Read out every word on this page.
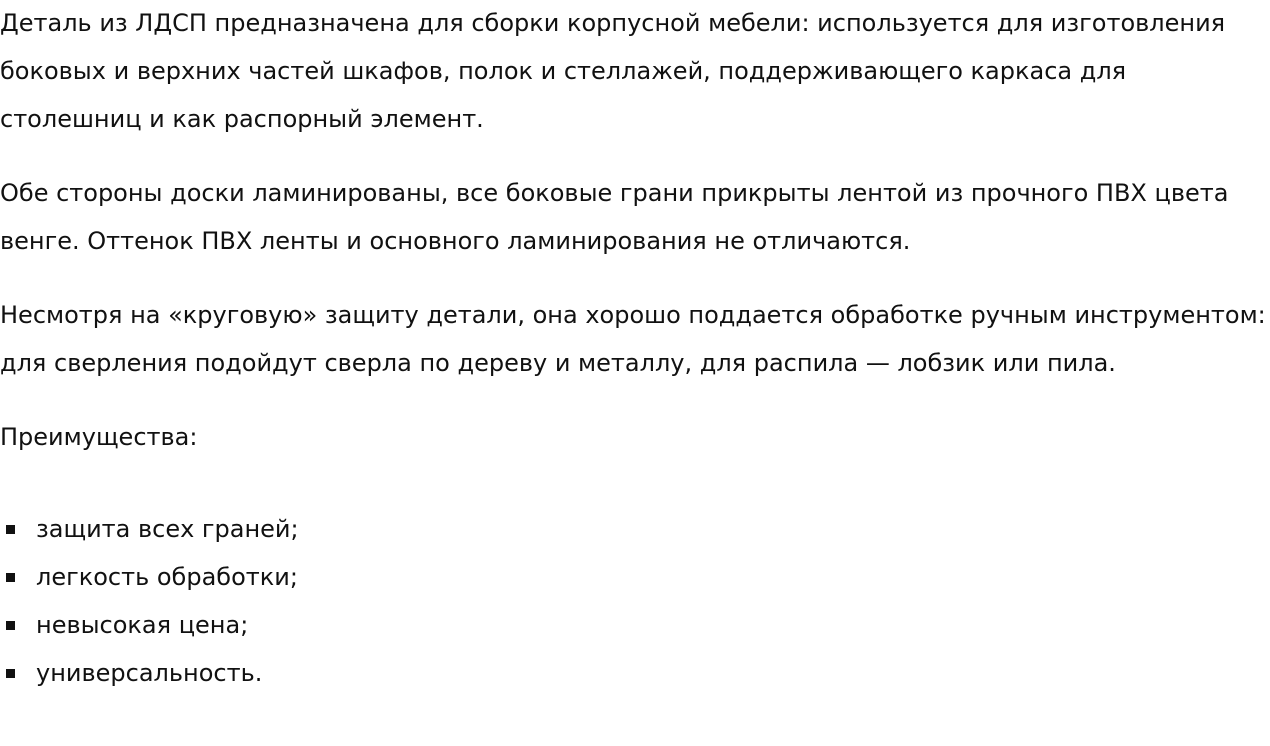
Деталь из ЛДСП предназначена для сборки корпусной мебели: используется для изготовления боковых и верхних частей шкафов, полок и стеллажей, поддерживающего каркаса для столешниц и как распорный элемент.

Обе стороны доски ламинированы, все боковые грани прикрыты лентой из прочного ПВХ цвета венге. Оттенок ПВХ ленты и основного ламинирования не отличаются.

Несмотря на «круговую» защиту детали, она хорошо поддается обработке ручным инструментом: для сверления подойдут сверла по дереву и металлу, для распила — лобзик или пила.

Преимущества:

защита всех граней;
легкость обработки;
невысокая цена;
универсальность.
